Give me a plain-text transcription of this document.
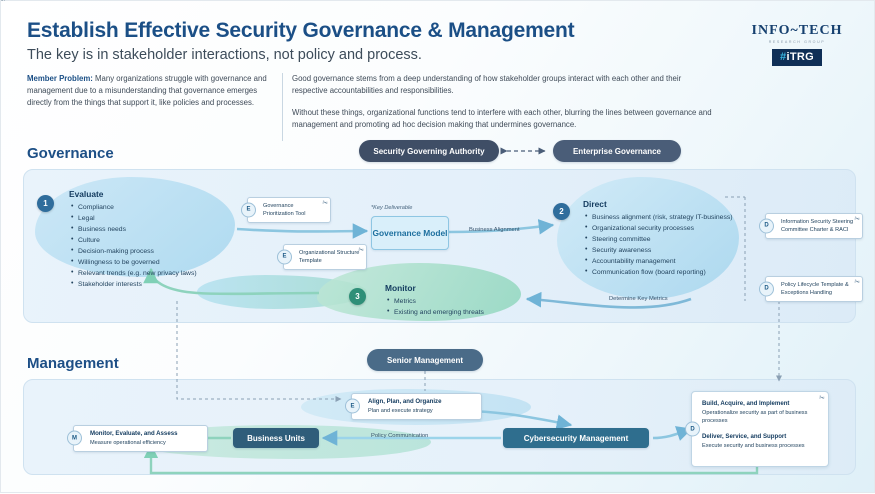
Establish Effective Security Governance & Management
The key is in stakeholder interactions, not policy and process.
INFO~TECH
RESEARCH GROUP
#iTRG
Member Problem: Many organizations struggle with governance and management due to a misunderstanding that governance emerges directly from the things that support it, like policies and processes.

Good governance stems from a deep understanding of how stakeholder groups interact with each other and their respective accountabilities and responsibilities.

Without these things, organizational functions tend to interfere with each other, blurring the lines between governance and management and promoting ad hoc decision making that undermines governance.

Governance
Management
Security Governing Authority	Enterprise Governance
Senior Management
Business Units	Cybersecurity Management
1
2
3
Evaluate
• Compliance
• Legal
• Business needs
• Culture
• Decision-making process
• Willingness to be governed
• Relevant trends (e.g. new privacy laws)
• Stakeholder interests
Direct
• Business alignment (risk, strategy IT-business)
• Organizational security processes
• Steering committee
• Security awareness
• Accountability management
• Communication flow (board reporting)
Monitor
• Metrics
• Existing and emerging threats
*Key Deliverable
Governance Model	Business Alignment
Determine Key Metrics
Policy Communication
E
✂
Governance Prioritization Tool
E
✂
Organizational Structure Template
D
✂
Information Security Steering Committee Charter & RACI
D
✂
Policy Lifecycle Template & Exceptions Handling
E
Align, Plan, and Organize
Plan and execute strategy
M
Monitor, Evaluate, and Assess
Measure operational efficiency
D
✂
Build, Acquire, and Implement
Operationalize security as part of business processes
Deliver, Service, and Support
Execute security and business processes
